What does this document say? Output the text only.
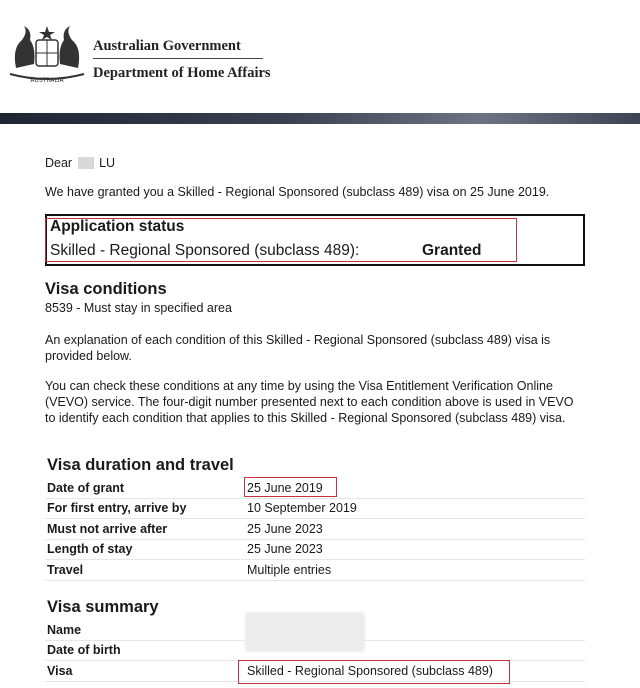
AUSTRALIA
Australian Government
Department of Home Affairs
Dear LU
We have granted you a Skilled - Regional Sponsored (subclass 489) visa on 25 June 2019.
Application status
Skilled - Regional Sponsored (subclass 489):	Granted
Visa conditions
8539 - Must stay in specified area
An explanation of each condition of this Skilled - Regional Sponsored (subclass 489) visa is provided below.
You can check these conditions at any time by using the Visa Entitlement Verification Online (VEVO) service. The four-digit number presented next to each condition above is used in VEVO to identify each condition that applies to this Skilled - Regional Sponsored (subclass 489) visa.
Visa duration and travel
Date of grant	25 June 2019
For first entry, arrive by	10 September 2019
Must not arrive after	25 June 2023
Length of stay	25 June 2023
Travel	Multiple entries
Visa summary
Name	
Date of birth	
Visa	Skilled - Regional Sponsored (subclass 489)
